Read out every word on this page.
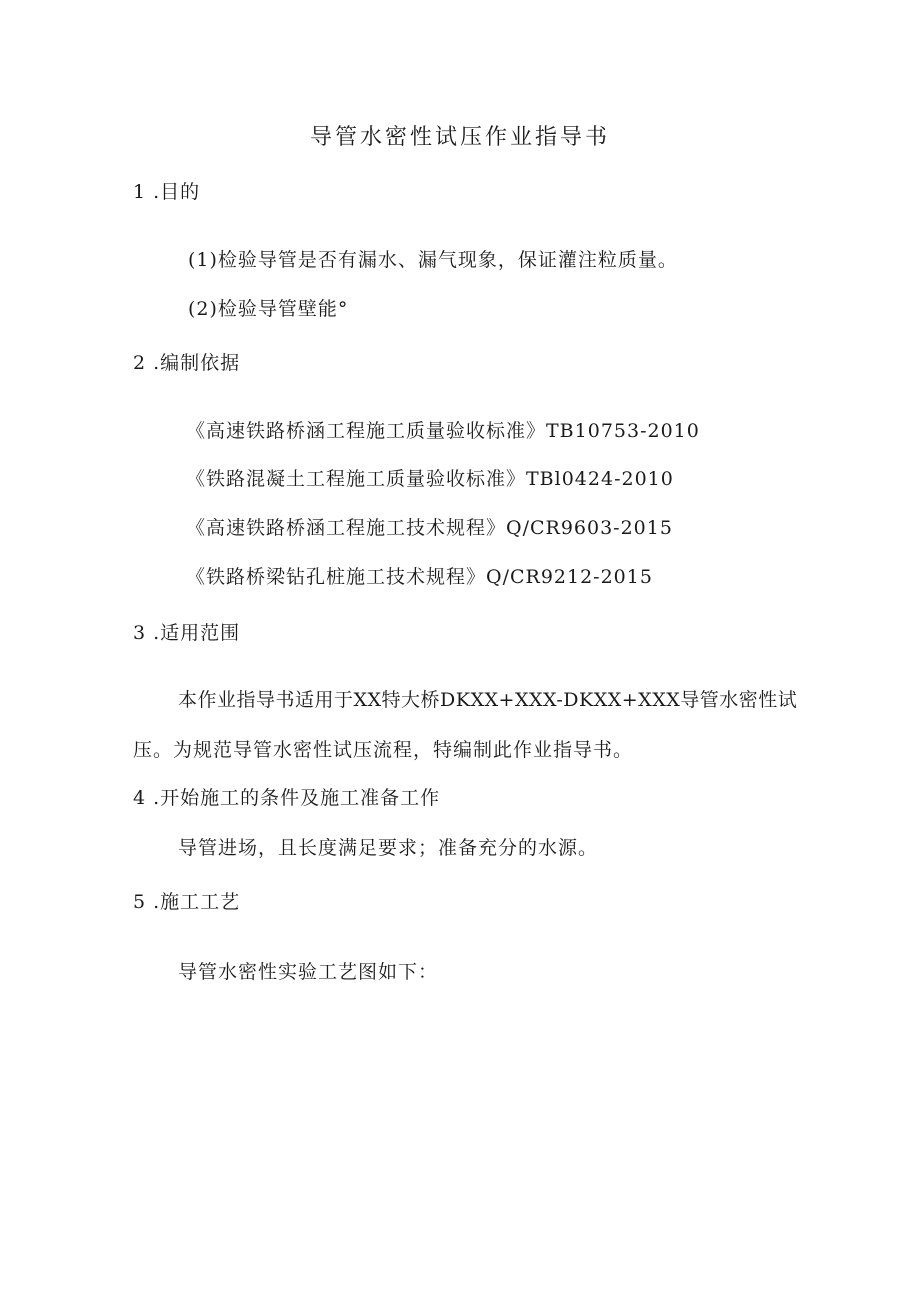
导管水密性试压作业指导书
1 .目的
(1)检验导管是否有漏水、漏气现象，保证灌注粒质量。
(2)检验导管壁能°
2 .编制依据
《高速铁路桥涵工程施工质量验收标准》TB10753-2010
《铁路混凝土工程施工质量验收标准》TBl0424-2010
《高速铁路桥涵工程施工技术规程》Q/CR9603-2015
《铁路桥梁钻孔桩施工技术规程》Q/CR9212-2015
3 .适用范围
本作业指导书适用于XX特大桥DKXX+XXX-DKXX+XXX导管水密性试
压。为规范导管水密性试压流程，特编制此作业指导书。
4 .开始施工的条件及施工准备工作
导管进场，且长度满足要求；准备充分的水源。
5 .施工工艺
导管水密性实验工艺图如下：
